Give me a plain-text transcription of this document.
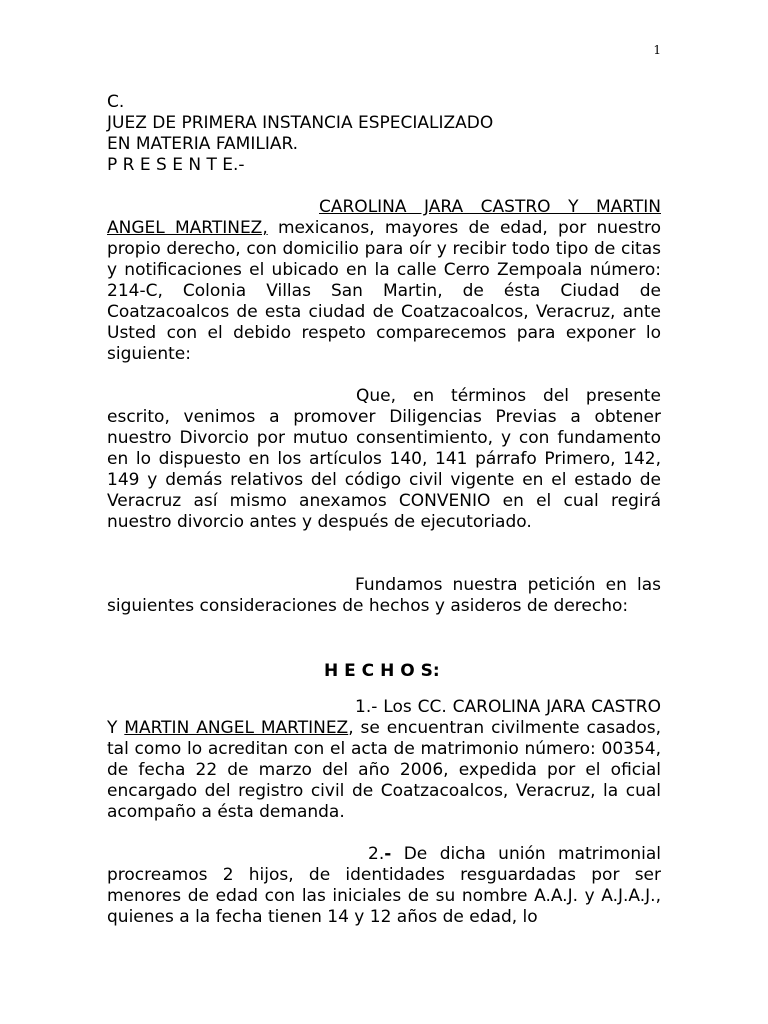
1
C.
JUEZ DE PRIMERA INSTANCIA ESPECIALIZADO
EN MATERIA FAMILIAR.
P R E S E N T E.-
CAROLINA JARA CASTRO Y MARTIN ANGEL MARTINEZ, mexicanos, mayores de edad, por nuestro propio derecho, con domicilio para oír y recibir todo tipo de citas y notificaciones el ubicado en la calle Cerro Zempoala número: 214-C, Colonia Villas San Martin, de ésta Ciudad de Coatzacoalcos de esta ciudad de Coatzacoalcos, Veracruz, ante Usted con el debido respeto comparecemos para exponer lo siguiente:
Que, en términos del presente escrito, venimos a promover Diligencias Previas a obtener nuestro Divorcio por mutuo consentimiento, y con fundamento en lo dispuesto en los artículos 140, 141 párrafo Primero, 142, 149 y demás relativos del código civil vigente en el estado de Veracruz así mismo anexamos CONVENIO en el cual regirá nuestro divorcio antes y después de ejecutoriado.
Fundamos nuestra petición en las siguientes consideraciones de hechos y asideros de derecho:
H E C H O S:
1.- Los CC. CAROLINA JARA CASTRO Y MARTIN ANGEL MARTINEZ, se encuentran civilmente casados, tal como lo acreditan con el acta de matrimonio número: 00354, de fecha 22 de marzo del año 2006, expedida por el oficial encargado del registro civil de Coatzacoalcos, Veracruz, la cual acompaño a ésta demanda.
2.- De dicha unión matrimonial procreamos 2 hijos, de identidades resguardadas por ser menores de edad con las iniciales de su nombre A.A.J. y A.J.A.J., quienes a la fecha tienen 14 y 12 años de edad, lo
